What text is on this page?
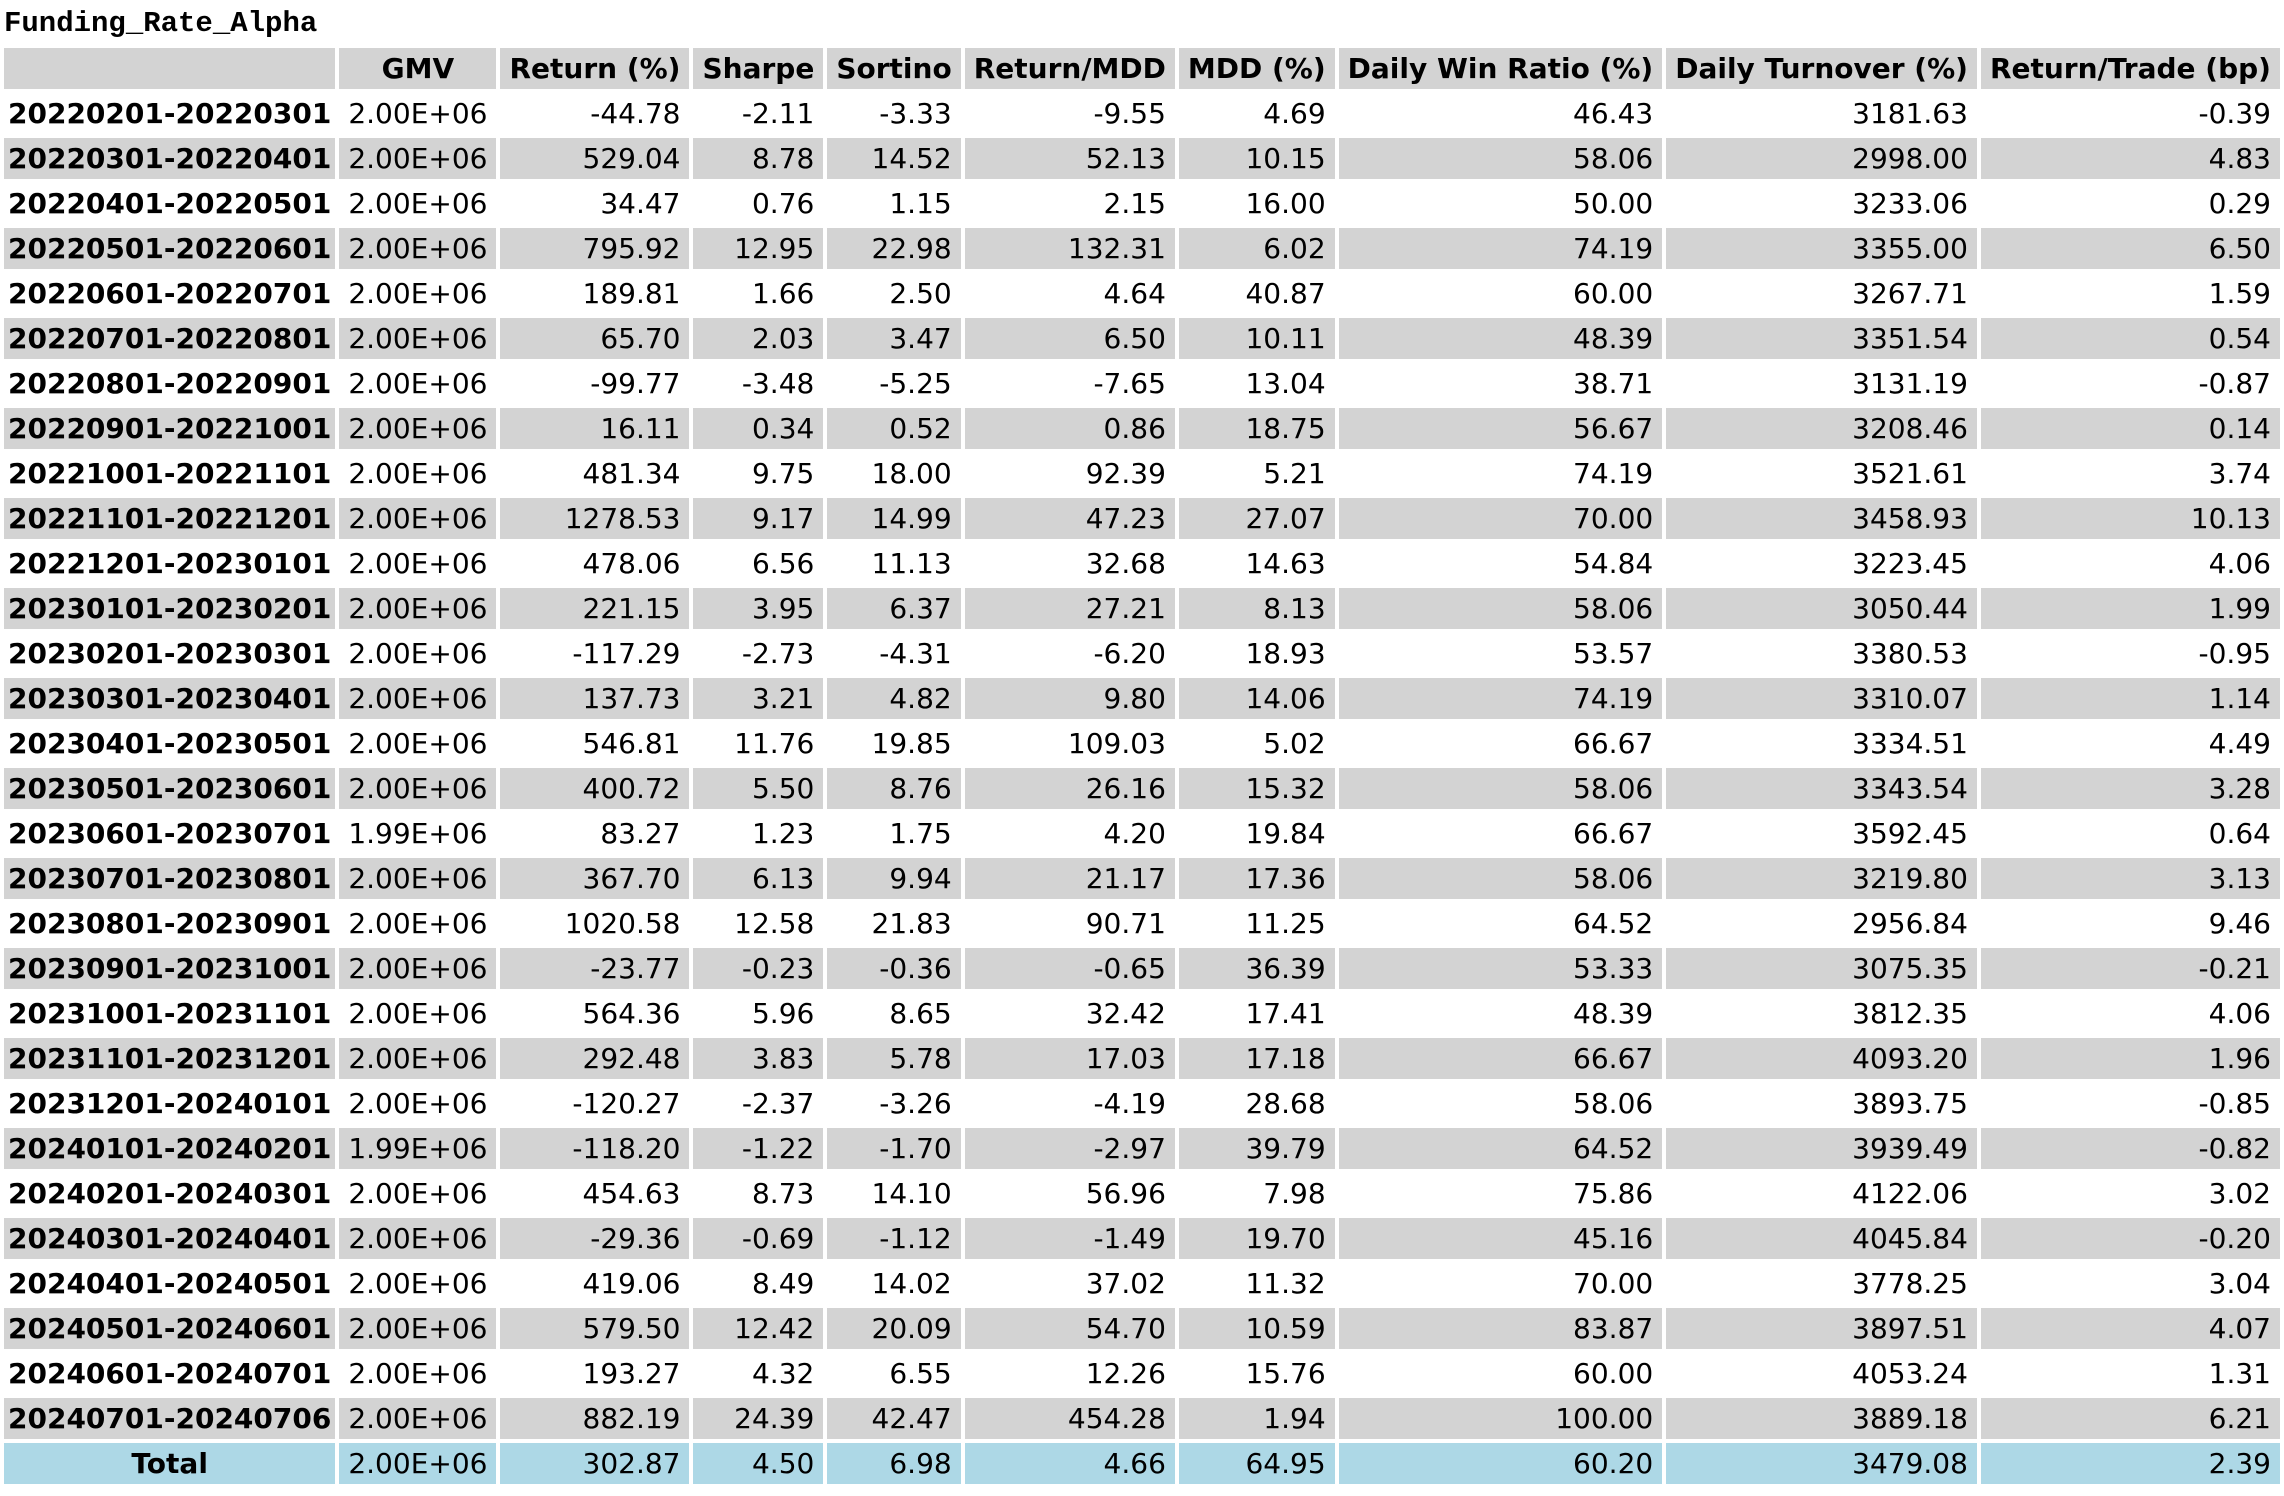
Funding_Rate_Alpha
	GMV	Return (%)	Sharpe	Sortino	Return/MDD	MDD (%)	Daily Win Ratio (%)	Daily Turnover (%)	Return/Trade (bp)
20220201-20220301	2.00E+06	-44.78	-2.11	-3.33	-9.55	4.69	46.43	3181.63	-0.39
20220301-20220401	2.00E+06	529.04	8.78	14.52	52.13	10.15	58.06	2998.00	4.83
20220401-20220501	2.00E+06	34.47	0.76	1.15	2.15	16.00	50.00	3233.06	0.29
20220501-20220601	2.00E+06	795.92	12.95	22.98	132.31	6.02	74.19	3355.00	6.50
20220601-20220701	2.00E+06	189.81	1.66	2.50	4.64	40.87	60.00	3267.71	1.59
20220701-20220801	2.00E+06	65.70	2.03	3.47	6.50	10.11	48.39	3351.54	0.54
20220801-20220901	2.00E+06	-99.77	-3.48	-5.25	-7.65	13.04	38.71	3131.19	-0.87
20220901-20221001	2.00E+06	16.11	0.34	0.52	0.86	18.75	56.67	3208.46	0.14
20221001-20221101	2.00E+06	481.34	9.75	18.00	92.39	5.21	74.19	3521.61	3.74
20221101-20221201	2.00E+06	1278.53	9.17	14.99	47.23	27.07	70.00	3458.93	10.13
20221201-20230101	2.00E+06	478.06	6.56	11.13	32.68	14.63	54.84	3223.45	4.06
20230101-20230201	2.00E+06	221.15	3.95	6.37	27.21	8.13	58.06	3050.44	1.99
20230201-20230301	2.00E+06	-117.29	-2.73	-4.31	-6.20	18.93	53.57	3380.53	-0.95
20230301-20230401	2.00E+06	137.73	3.21	4.82	9.80	14.06	74.19	3310.07	1.14
20230401-20230501	2.00E+06	546.81	11.76	19.85	109.03	5.02	66.67	3334.51	4.49
20230501-20230601	2.00E+06	400.72	5.50	8.76	26.16	15.32	58.06	3343.54	3.28
20230601-20230701	1.99E+06	83.27	1.23	1.75	4.20	19.84	66.67	3592.45	0.64
20230701-20230801	2.00E+06	367.70	6.13	9.94	21.17	17.36	58.06	3219.80	3.13
20230801-20230901	2.00E+06	1020.58	12.58	21.83	90.71	11.25	64.52	2956.84	9.46
20230901-20231001	2.00E+06	-23.77	-0.23	-0.36	-0.65	36.39	53.33	3075.35	-0.21
20231001-20231101	2.00E+06	564.36	5.96	8.65	32.42	17.41	48.39	3812.35	4.06
20231101-20231201	2.00E+06	292.48	3.83	5.78	17.03	17.18	66.67	4093.20	1.96
20231201-20240101	2.00E+06	-120.27	-2.37	-3.26	-4.19	28.68	58.06	3893.75	-0.85
20240101-20240201	1.99E+06	-118.20	-1.22	-1.70	-2.97	39.79	64.52	3939.49	-0.82
20240201-20240301	2.00E+06	454.63	8.73	14.10	56.96	7.98	75.86	4122.06	3.02
20240301-20240401	2.00E+06	-29.36	-0.69	-1.12	-1.49	19.70	45.16	4045.84	-0.20
20240401-20240501	2.00E+06	419.06	8.49	14.02	37.02	11.32	70.00	3778.25	3.04
20240501-20240601	2.00E+06	579.50	12.42	20.09	54.70	10.59	83.87	3897.51	4.07
20240601-20240701	2.00E+06	193.27	4.32	6.55	12.26	15.76	60.00	4053.24	1.31
20240701-20240706	2.00E+06	882.19	24.39	42.47	454.28	1.94	100.00	3889.18	6.21
Total	2.00E+06	302.87	4.50	6.98	4.66	64.95	60.20	3479.08	2.39
